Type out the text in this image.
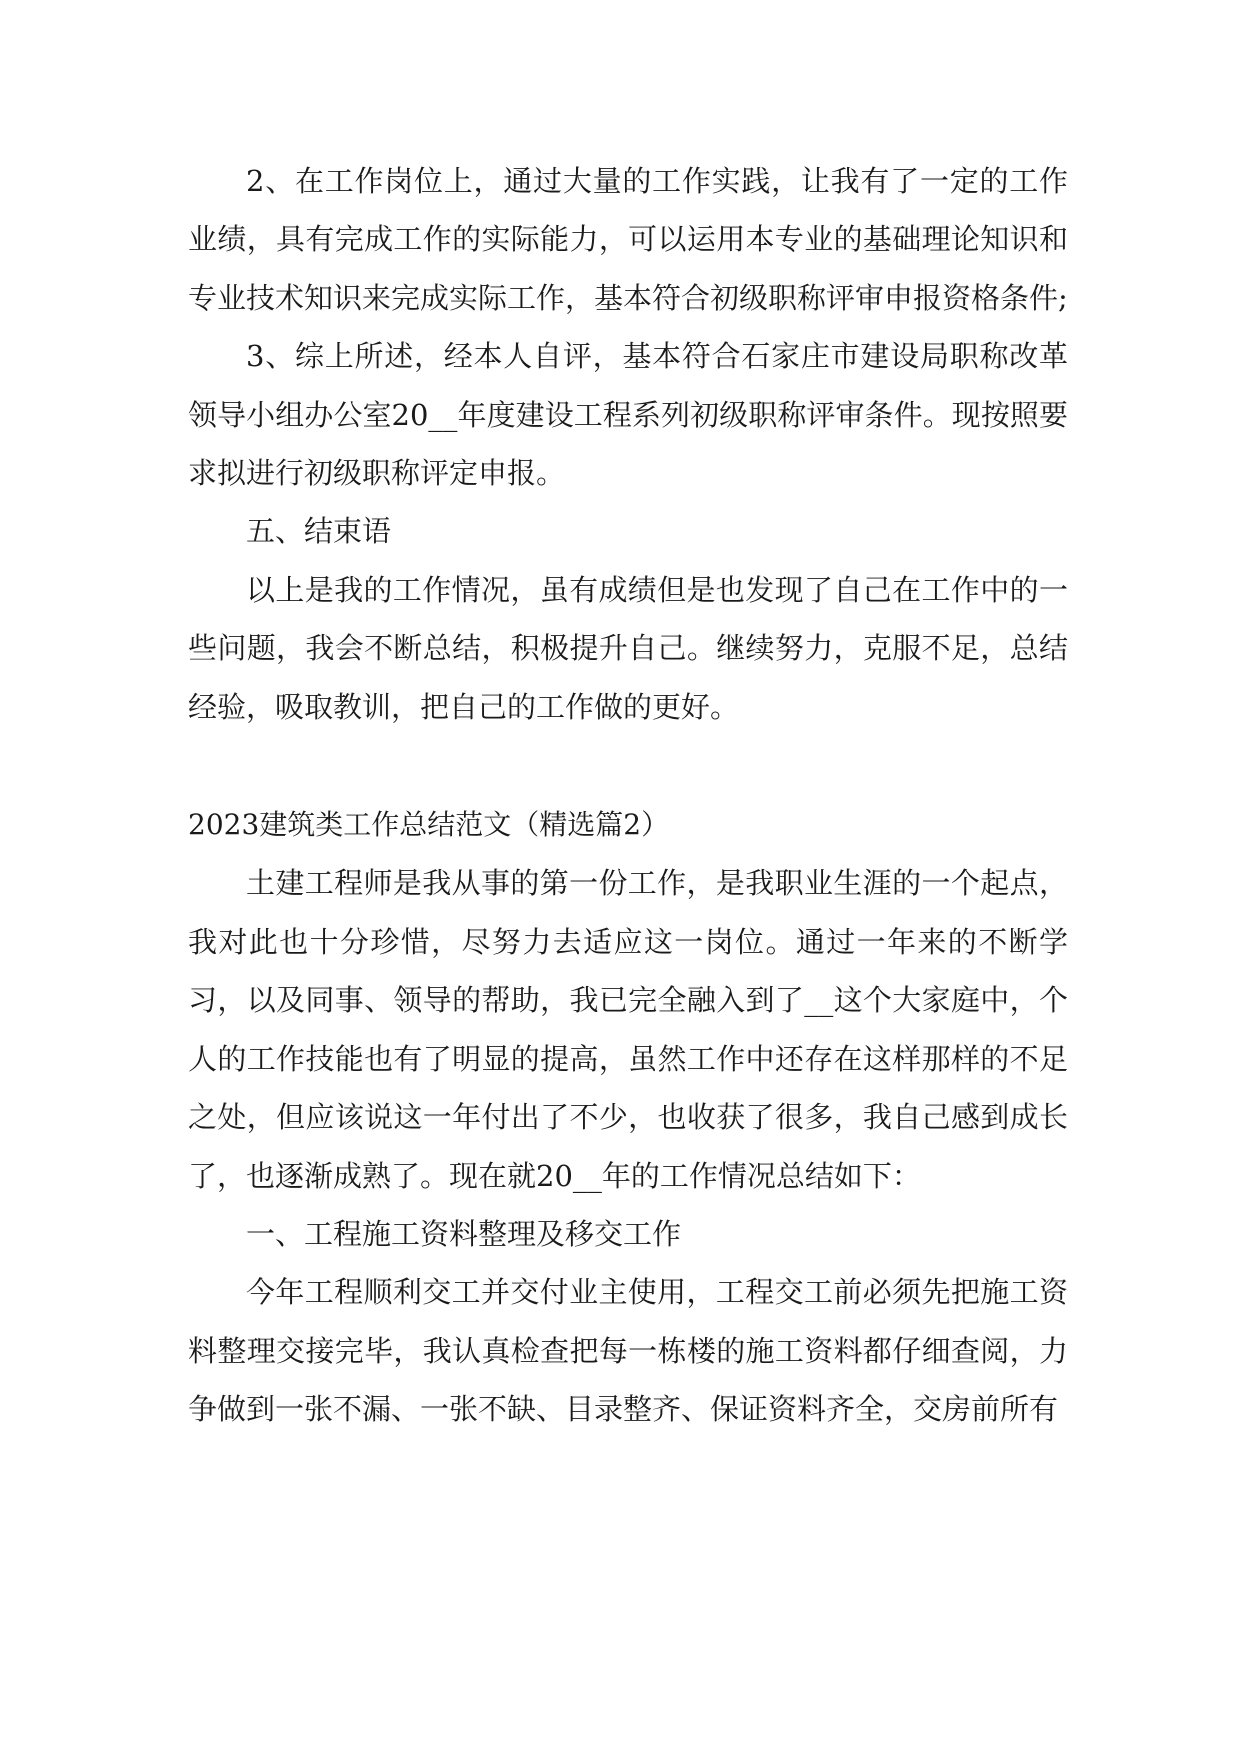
2、在工作岗位上，通过大量的工作实践，让我有了一定的工作业绩，具有完成工作的实际能力，可以运用本专业的基础理论知识和专业技术知识来完成实际工作，基本符合初级职称评审申报资格条件;

3、综上所述，经本人自评，基本符合石家庄市建设局职称改革领导小组办公室20__年度建设工程系列初级职称评审条件。现按照要求拟进行初级职称评定申报。

五、结束语

以上是我的工作情况，虽有成绩但是也发现了自己在工作中的一些问题，我会不断总结，积极提升自己。继续努力，克服不足，总结经验，吸取教训，把自己的工作做的更好。

2023建筑类工作总结范文（精选篇2）

土建工程师是我从事的第一份工作，是我职业生涯的一个起点，我对此也十分珍惜，尽努力去适应这一岗位。通过一年来的不断学习，以及同事、领导的帮助，我已完全融入到了__这个大家庭中，个人的工作技能也有了明显的提高，虽然工作中还存在这样那样的不足之处，但应该说这一年付出了不少，也收获了很多，我自己感到成长了，也逐渐成熟了。现在就20__年的工作情况总结如下：

一、工程施工资料整理及移交工作

今年工程顺利交工并交付业主使用，工程交工前必须先把施工资料整理交接完毕，我认真检查把每一栋楼的施工资料都仔细查阅，力争做到一张不漏、一张不缺、目录整齐、保证资料齐全，交房前所有
